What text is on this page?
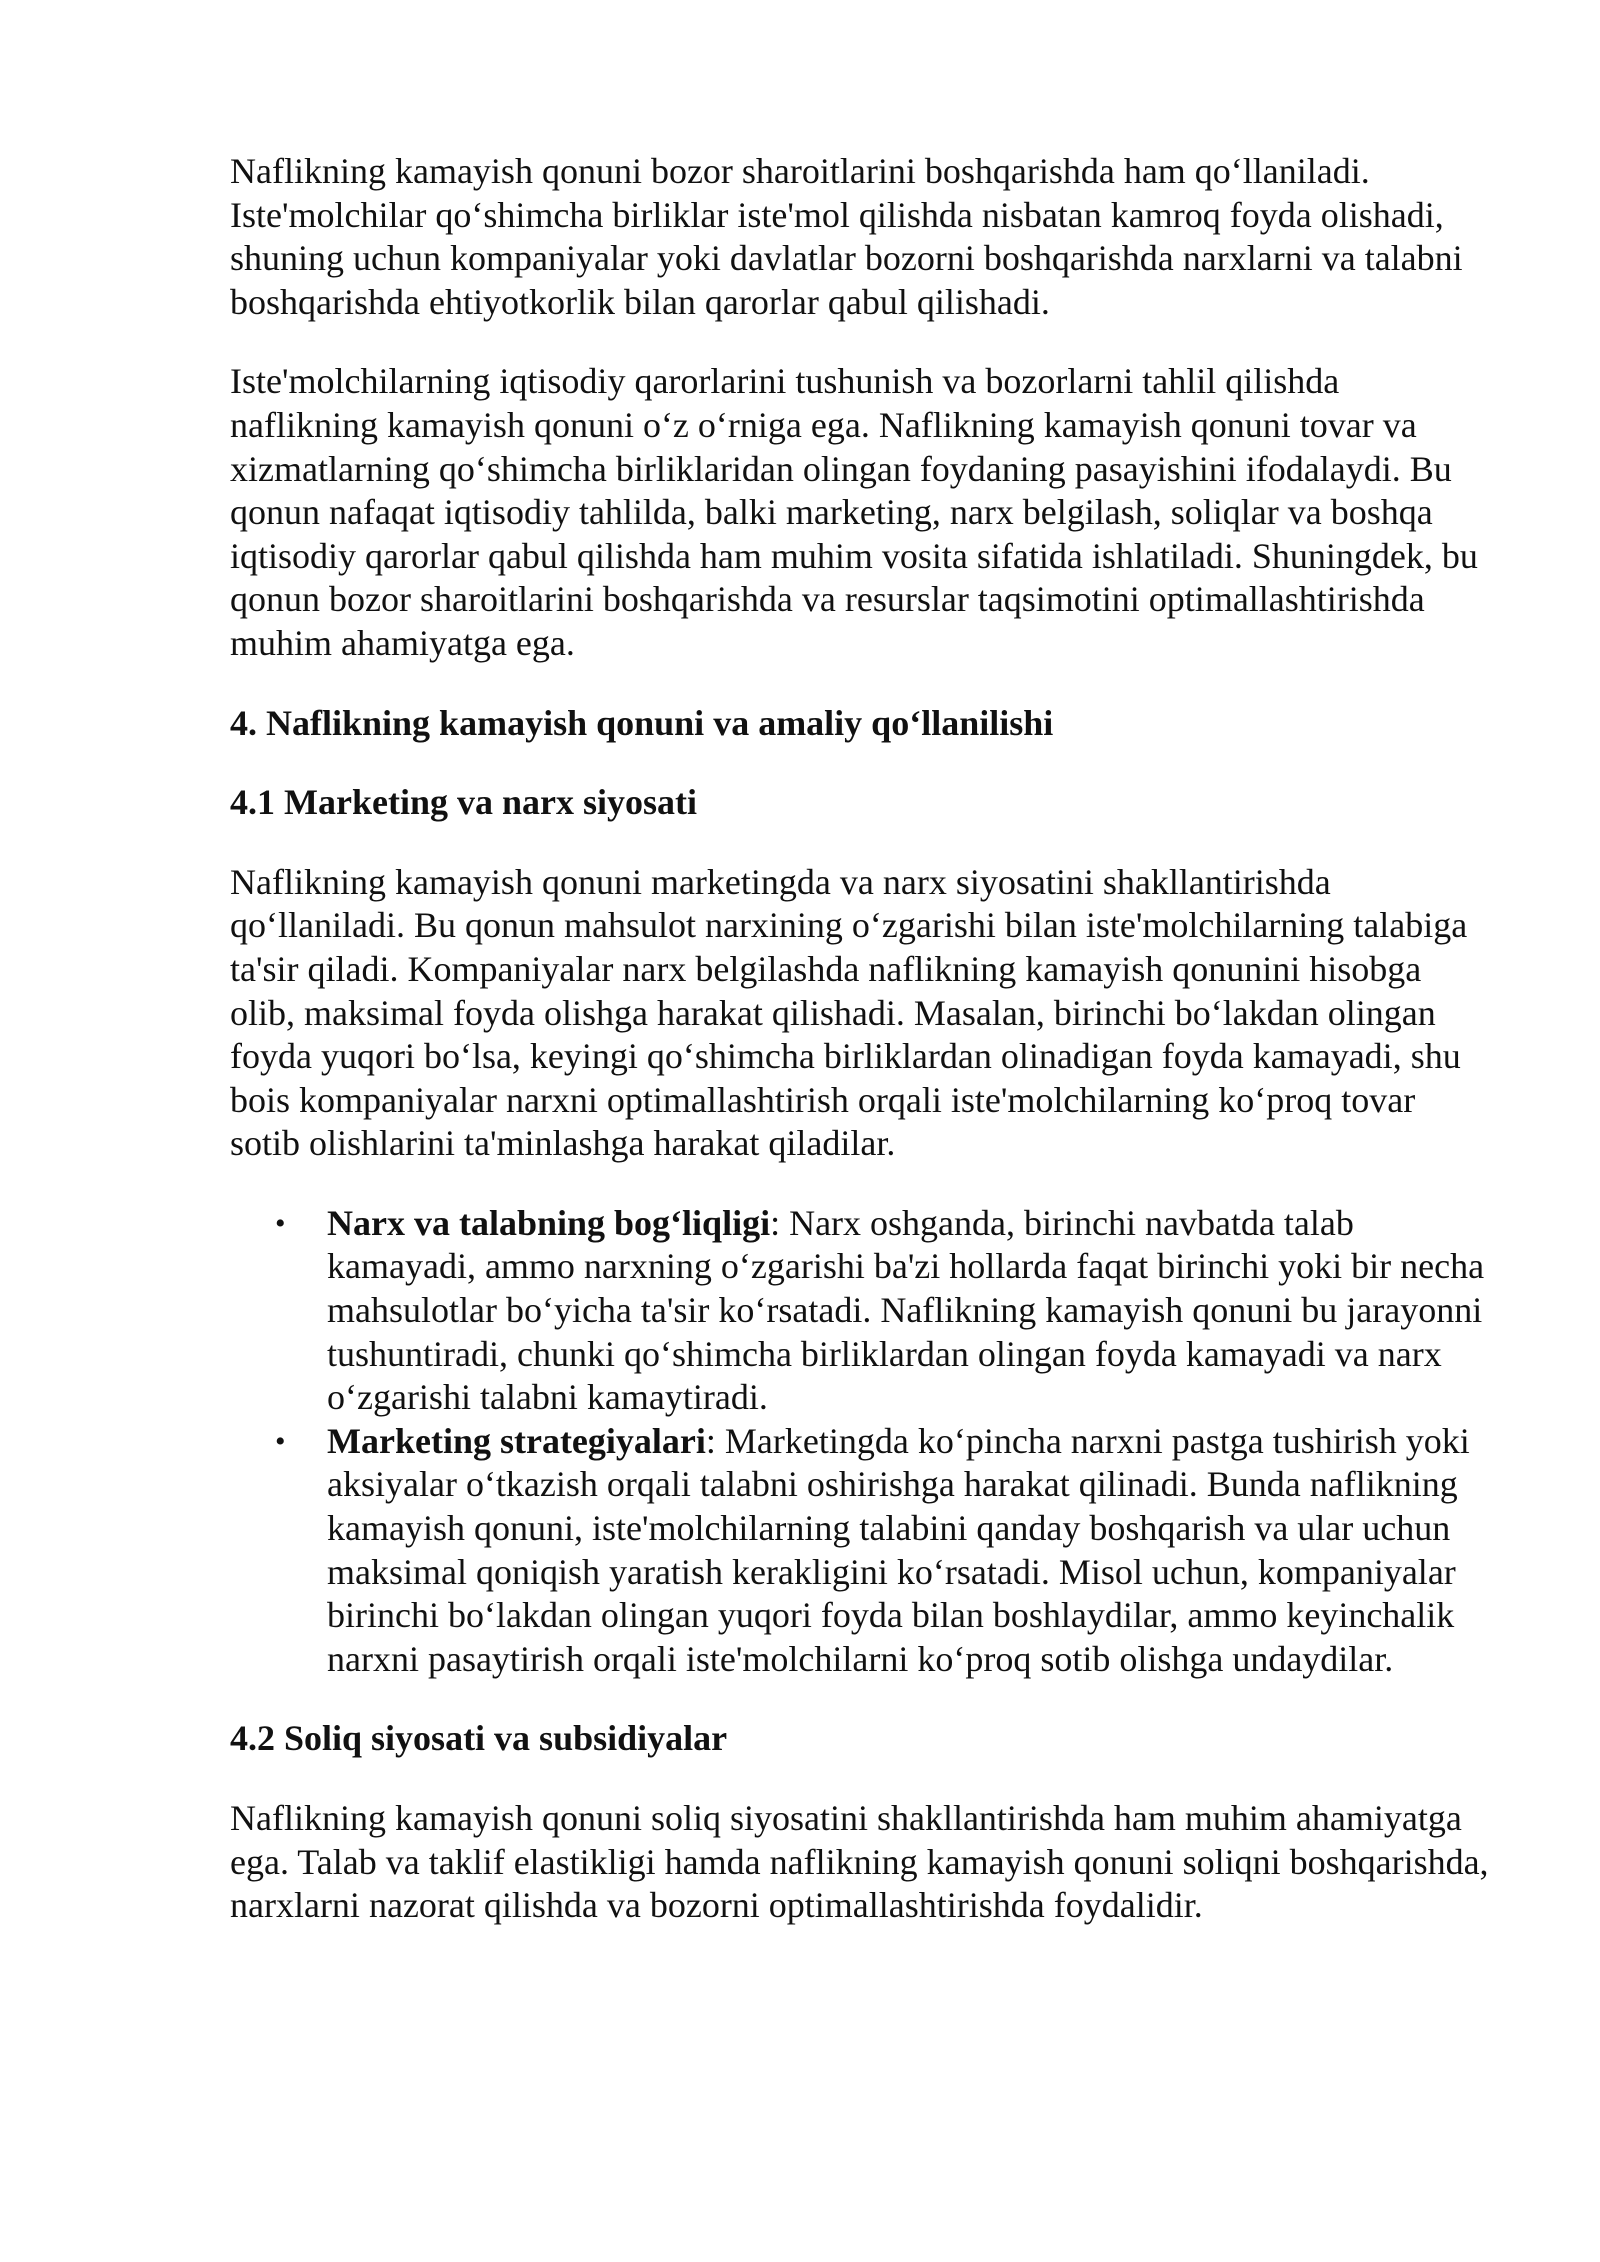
Naflikning kamayish qonuni bozor sharoitlarini boshqarishda ham qo‘llaniladi. Iste'molchilar qo‘shimcha birliklar iste'mol qilishda nisbatan kamroq foyda olishadi, shuning uchun kompaniyalar yoki davlatlar bozorni boshqarishda narxlarni va talabni boshqarishda ehtiyotkorlik bilan qarorlar qabul qilishadi.

Iste'molchilarning iqtisodiy qarorlarini tushunish va bozorlarni tahlil qilishda naflikning kamayish qonuni o‘z o‘rniga ega. Naflikning kamayish qonuni tovar va xizmatlarning qo‘shimcha birliklaridan olingan foydaning pasayishini ifodalaydi. Bu qonun nafaqat iqtisodiy tahlilda, balki marketing, narx belgilash, soliqlar va boshqa iqtisodiy qarorlar qabul qilishda ham muhim vosita sifatida ishlatiladi. Shuningdek, bu qonun bozor sharoitlarini boshqarishda va resurslar taqsimotini optimallashtirishda muhim ahamiyatga ega.

4. Naflikning kamayish qonuni va amaliy qo‘llanilishi
4.1 Marketing va narx siyosati

Naflikning kamayish qonuni marketingda va narx siyosatini shakllantirishda qo‘llaniladi. Bu qonun mahsulot narxining o‘zgarishi bilan iste'molchilarning talabiga ta'sir qiladi. Kompaniyalar narx belgilashda naflikning kamayish qonunini hisobga olib, maksimal foyda olishga harakat qilishadi. Masalan, birinchi bo‘lakdan olingan foyda yuqori bo‘lsa, keyingi qo‘shimcha birliklardan olinadigan foyda kamayadi, shu bois kompaniyalar narxni optimallashtirish orqali iste'molchilarning ko‘proq tovar sotib olishlarini ta'minlashga harakat qiladilar.

• Narx va talabning bog‘liqligi: Narx oshganda, birinchi navbatda talab kamayadi, ammo narxning o‘zgarishi ba'zi hollarda faqat birinchi yoki bir necha mahsulotlar bo‘yicha ta'sir ko‘rsatadi. Naflikning kamayish qonuni bu jarayonni tushuntiradi, chunki qo‘shimcha birliklardan olingan foyda kamayadi va narx o‘zgarishi talabni kamaytiradi.
• Marketing strategiyalari: Marketingda ko‘pincha narxni pastga tushirish yoki aksiyalar o‘tkazish orqali talabni oshirishga harakat qilinadi. Bunda naflikning kamayish qonuni, iste'molchilarning talabini qanday boshqarish va ular uchun maksimal qoniqish yaratish kerakligini ko‘rsatadi. Misol uchun, kompaniyalar birinchi bo‘lakdan olingan yuqori foyda bilan boshlaydilar, ammo keyinchalik narxni pasaytirish orqali iste'molchilarni ko‘proq sotib olishga undaydilar.
4.2 Soliq siyosati va subsidiyalar

Naflikning kamayish qonuni soliq siyosatini shakllantirishda ham muhim ahamiyatga ega. Talab va taklif elastikligi hamda naflikning kamayish qonuni soliqni boshqarishda, narxlarni nazorat qilishda va bozorni optimallashtirishda foydalidir.
